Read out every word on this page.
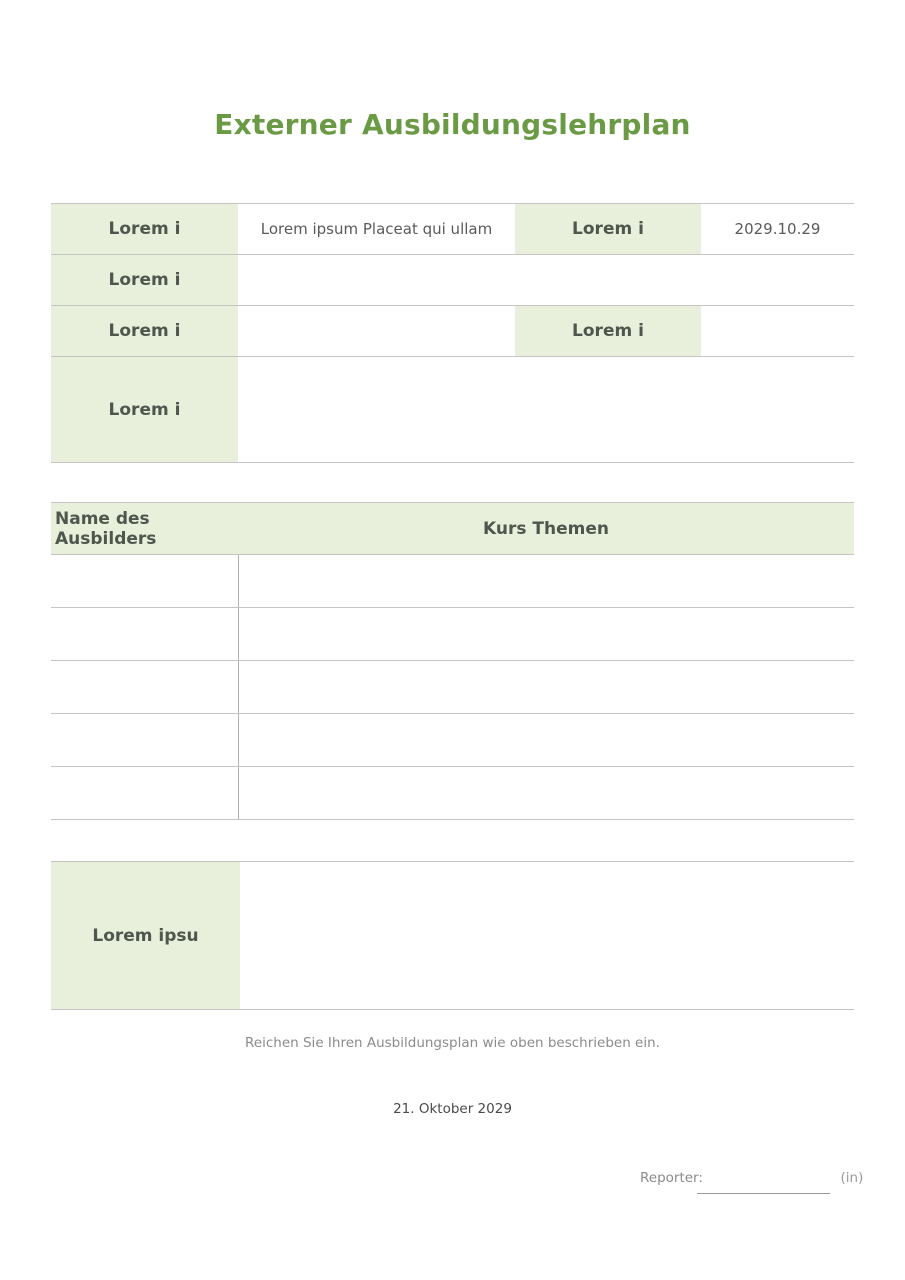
Externer Ausbildungslehrplan
Lorem i	Lorem ipsum Placeat qui ullam	Lorem i	2029.10.29
Lorem i			
Lorem i		Lorem i	
Lorem i			
Name des Ausbilders	Kurs Themen

Lorem ipsu	
Reichen Sie Ihren Ausbildungsplan wie oben beschrieben ein.
21. Oktober 2029
Reporter:	(in)
